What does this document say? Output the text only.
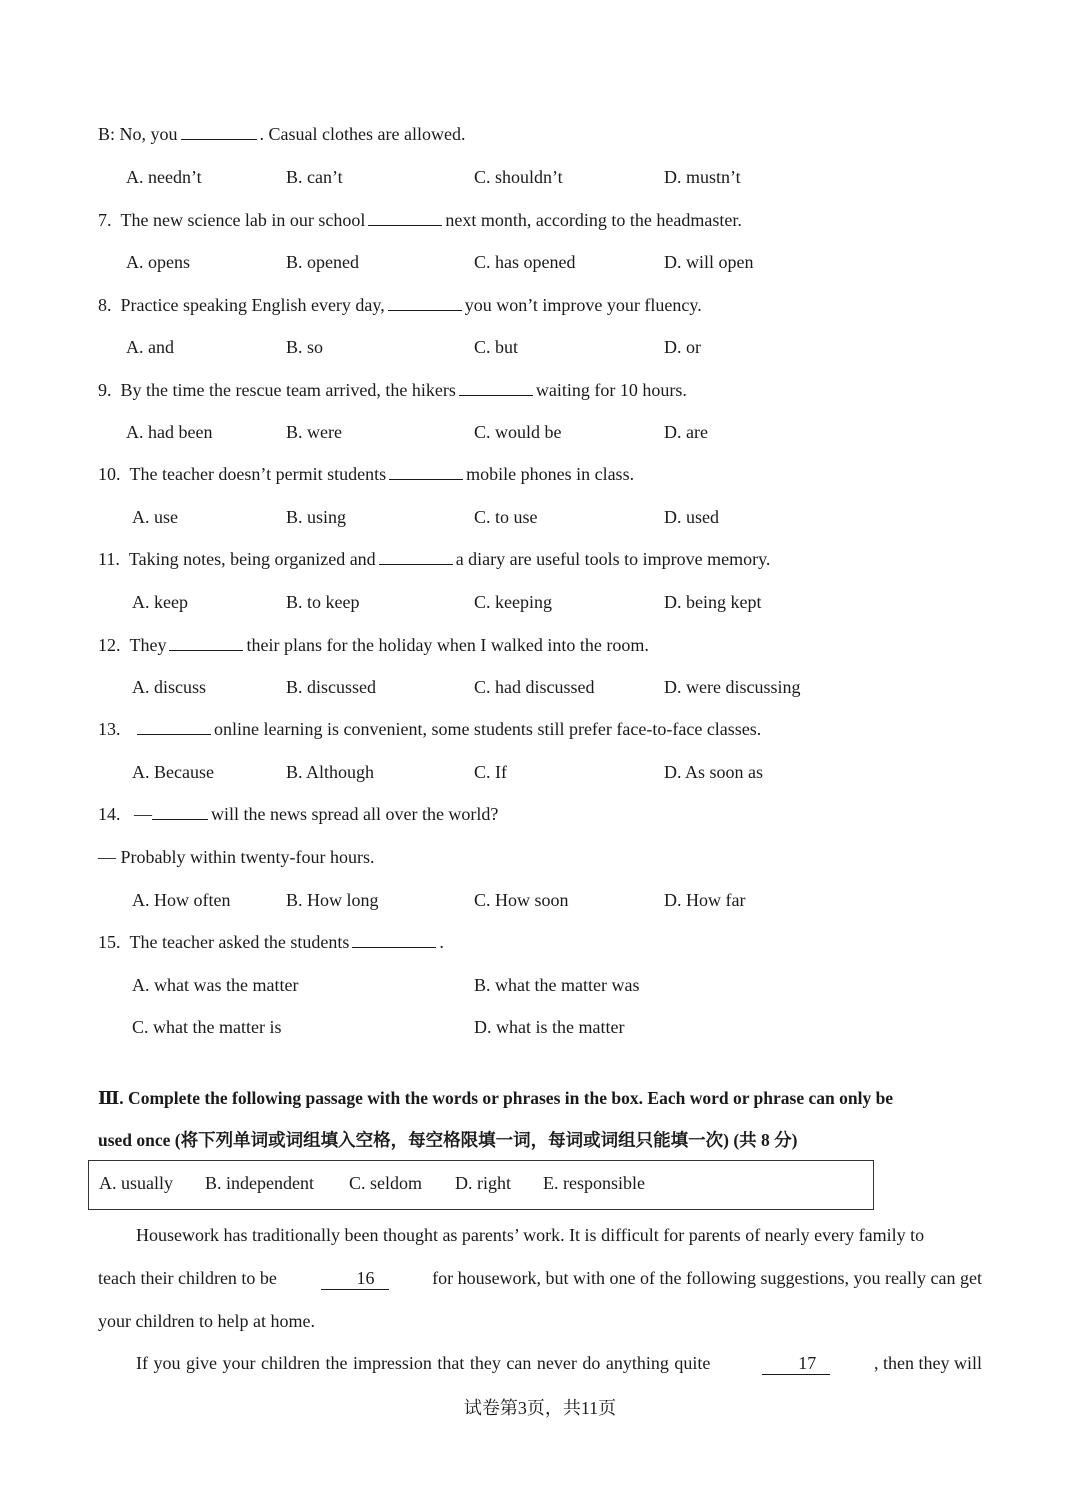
B: No, you	. Casual clothes are allowed.
A. needn’t	B. can’t	C. shouldn’t	D. mustn’t
7. The new science lab in our school	next month, according to the headmaster.
A. opens	B. opened	C. has opened	D. will open
8. Practice speaking English every day,	you won’t improve your fluency.
A. and	B. so	C. but	D. or
9. By the time the rescue team arrived, the hikers	waiting for 10 hours.
A. had been	B. were	C. would be	D. are
10. The teacher doesn’t permit students	mobile phones in class.
A. use	B. using	C. to use	D. used
11. Taking notes, being organized and	a diary are useful tools to improve memory.
A. keep	B. to keep	C. keeping	D. being kept
12. They	their plans for the holiday when I walked into the room.
A. discuss	B. discussed	C. had discussed	D. were discussing
13.	online learning is convenient, some students still prefer face-to-face classes.
A. Because	B. Although	C. If	D. As soon as
14. —	will the news spread all over the world?
— Probably within twenty-four hours.
A. How often	B. How long	C. How soon	D. How far
15. The teacher asked the students	.
A. what was the matter	B. what the matter was
C. what the matter is	D. what is the matter
Ⅲ. Complete the following passage with the words or phrases in the box. Each word or phrase can only be
used once (将下列单词或词组填入空格，每空格限填一词，每词或词组只能填一次) (共 8 分)
A. usually B. independent C. seldom D. right E. responsible
Housework has traditionally been thought as parents’ work. It is difficult for parents of nearly every family to
teach their children to be	16	for housework, but with one of the following suggestions, you really can get
your children to help at home.
If you give your children the impression that they can never do anything quite	17	, then they will
试卷第3页，共11页
